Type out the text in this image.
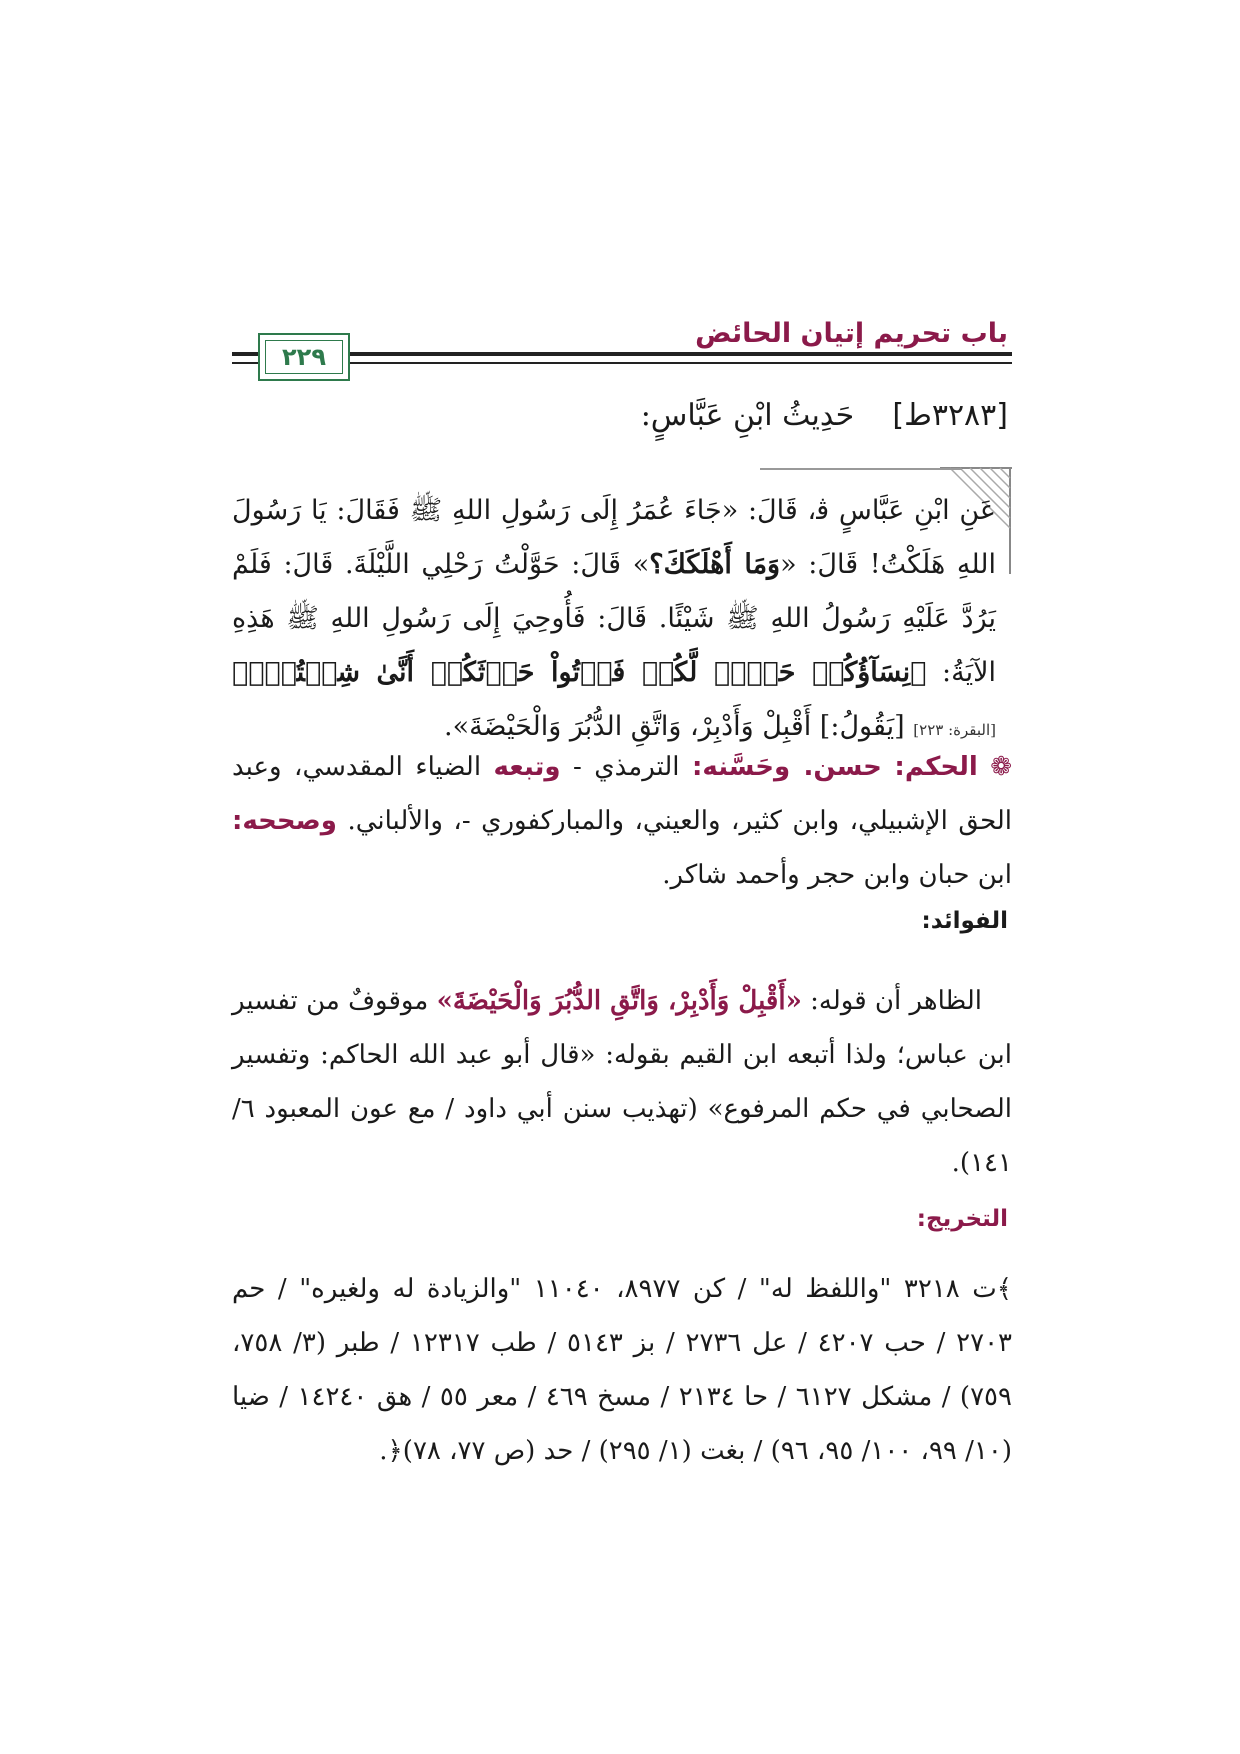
باب تحريم إتيان الحائض
٢٢٩
[٣٢٨٣ط]    حَدِيثُ ابْنِ عَبَّاسٍ:
عَنِ ابْنِ عَبَّاسٍ ﭬ، قَالَ: «جَاءَ عُمَرُ إِلَى رَسُولِ اللهِ ﷺ فَقَالَ: يَا رَسُولَ اللهِ هَلَكْتُ! قَالَ: «وَمَا أَهْلَكَكَ؟» قَالَ: حَوَّلْتُ رَحْلِي اللَّيْلَةَ. قَالَ: فَلَمْ يَرُدَّ عَلَيْهِ رَسُولُ اللهِ ﷺ شَيْئًا. قَالَ: فَأُوحِيَ إِلَى رَسُولِ اللهِ ﷺ هَذِهِ الآيَةُ: ﴿نِسَآؤُكُمۡ حَرۡثٞ لَّكُمۡ فَأۡتُواْ حَرۡثَكُمۡ أَنَّىٰ شِئۡتُمۡۖ﴾ [البقرة: ٢٢٣] [يَقُولُ:] أَقْبِلْ وَأَدْبِرْ، وَاتَّقِ الدُّبُرَ وَالْحَيْضَةَ».
❁ الحكم: حسن. وحَسَّنه: الترمذي - وتبعه الضياء المقدسي، وعبد الحق الإشبيلي، وابن كثير، والعيني، والمباركفوري -، والألباني. وصححه: ابن حبان وابن حجر وأحمد شاكر.
الفوائد:
الظاهر أن قوله: «أَقْبِلْ وَأَدْبِرْ، وَاتَّقِ الدُّبُرَ وَالْحَيْضَةَ» موقوفٌ من تفسير ابن عباس؛ ولذا أتبعه ابن القيم بقوله: «قال أبو عبد الله الحاكم: وتفسير الصحابي في حكم المرفوع» (تهذيب سنن أبي داود / مع عون المعبود ٦/ ١٤١).
التخريج:
﴾ت ٣٢١٨ "واللفظ له" / كن ٨٩٧٧، ١١٠٤٠ "والزيادة له ولغيره" / حم ٢٧٠٣ / حب ٤٢٠٧ / عل ٢٧٣٦ / بز ٥١٤٣ / طب ١٢٣١٧ / طبر (٣/ ٧٥٨، ٧٥٩) / مشكل ٦١٢٧ / حا ٢١٣٤ / مسخ ٤٦٩ / معر ٥٥ / هق ١٤٢٤٠ / ضيا (١٠/ ٩٩، ١٠٠/ ٩٥، ٩٦) / بغت (١/ ٢٩٥) / حد (ص ٧٧، ٧٨)﴿.
